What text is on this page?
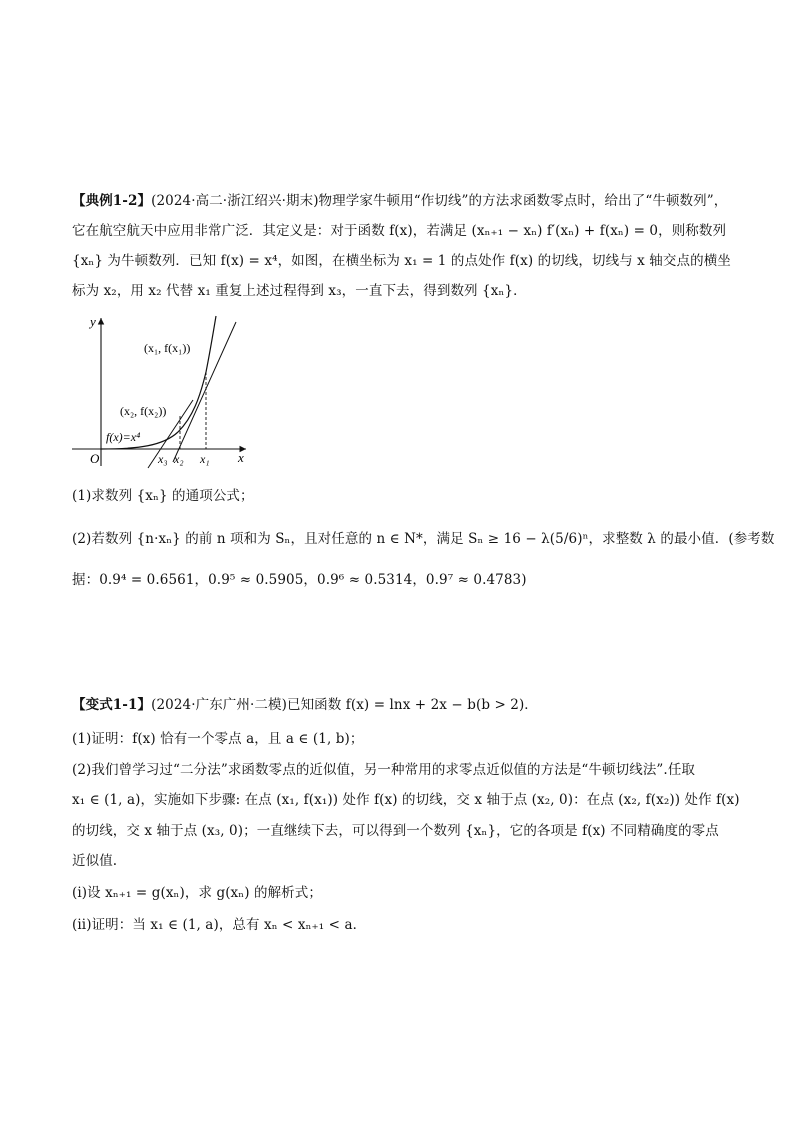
【典例1-2】(2024·高二·浙江绍兴·期末)物理学家牛顿用“作切线”的方法求函数零点时，给出了“牛顿数列”，
它在航空航天中应用非常广泛．其定义是：对于函数 f(x)，若满足 (xₙ₊₁ − xₙ) f′(xₙ) + f(xₙ) = 0，则称数列
{xₙ} 为牛顿数列．已知 f(x) = x⁴，如图，在横坐标为 x₁ = 1 的点处作 f(x) 的切线，切线与 x 轴交点的横坐
标为 x₂，用 x₂ 代替 x₁ 重复上述过程得到 x₃，一直下去，得到数列 {xₙ}．
y
x
O
(x₁, f(x₁))
(x₂, f(x₂))
f(x)=x⁴
x₃ x₂ x₁
(1)求数列 {xₙ} 的通项公式；
(2)若数列 {n·xₙ} 的前 n 项和为 Sₙ，且对任意的 n ∈ N*，满足 Sₙ ≥ 16 − λ(5/6)ⁿ，求整数 λ 的最小值．(参考数
据：0.9⁴ = 0.6561，0.9⁵ ≈ 0.5905，0.9⁶ ≈ 0.5314，0.9⁷ ≈ 0.4783)
【变式1-1】(2024·广东广州·二模)已知函数 f(x) = lnx + 2x − b(b > 2)．
(1)证明：f(x) 恰有一个零点 a，且 a ∈ (1, b)；
(2)我们曾学习过“二分法”求函数零点的近似值，另一种常用的求零点近似值的方法是“牛顿切线法”.任取
x₁ ∈ (1, a)，实施如下步骤: 在点 (x₁, f(x₁)) 处作 f(x) 的切线，交 x 轴于点 (x₂, 0)：在点 (x₂, f(x₂)) 处作 f(x)
的切线，交 x 轴于点 (x₃, 0)；一直继续下去，可以得到一个数列 {xₙ}，它的各项是 f(x) 不同精确度的零点
近似值.
(i)设 xₙ₊₁ = g(xₙ)，求 g(xₙ) 的解析式；
(ii)证明：当 x₁ ∈ (1, a)，总有 xₙ < xₙ₊₁ < a．
